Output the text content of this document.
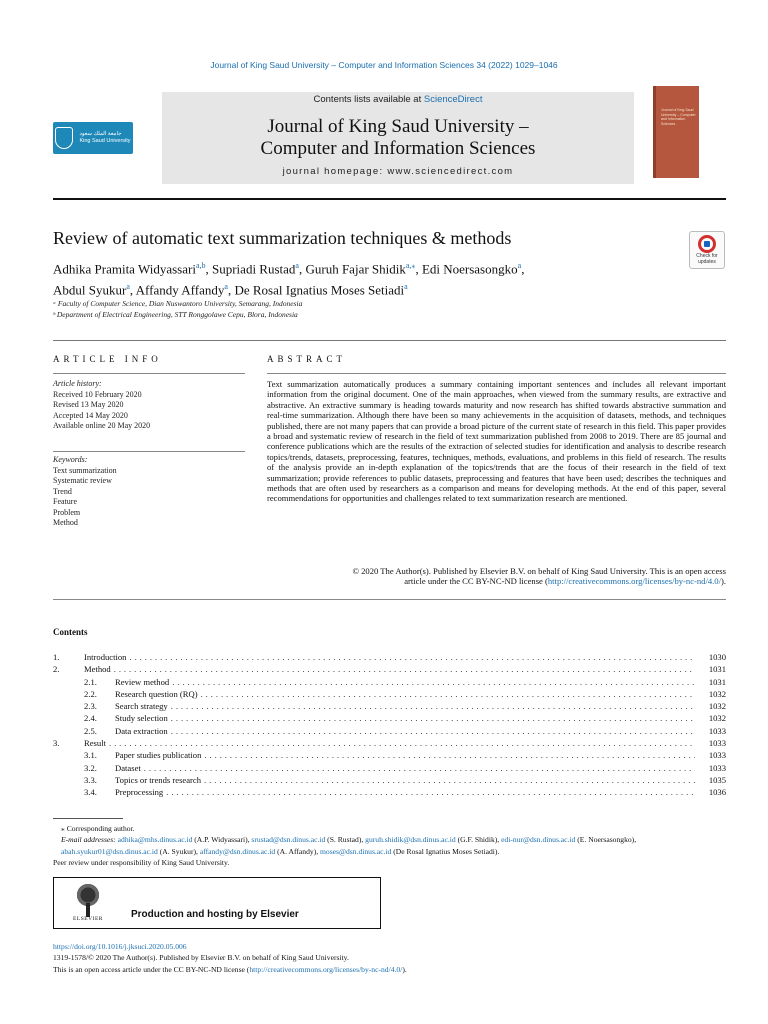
Journal of King Saud University – Computer and Information Sciences 34 (2022) 1029–1046
Contents lists available at ScienceDirect
Journal of King Saud University –
Computer and Information Sciences
journal homepage: www.sciencedirect.com
جامعة الملك سعود
King Saud University
Journal of King Saud University – Computer and Information Sciences
Review of automatic text summarization techniques & methods
Check for
updates
Adhika Pramita Widyassari$^{a,b}$, Supriadi Rustad$^a$, Guruh Fajar Shidik$^{a,⁎}$, Edi Noersasongko$^a$,
Abdul Syukur$^a$, Affandy Affandy$^a$, De Rosal Ignatius Moses Setiadi$^a$
ᵃ Faculty of Computer Science, Dian Nuswantoro University, Semarang, Indonesia
ᵇ Department of Electrical Engineering, STT Ronggolawe Cepu, Blora, Indonesia
ARTICLE INFO
Article history:
Received 10 February 2020
Revised 13 May 2020
Accepted 14 May 2020
Available online 20 May 2020
Keywords:
Text summarization
Systematic review
Trend
Feature
Problem
Method
ABSTRACT

Text summarization automatically produces a summary containing important sentences and includes all relevant important information from the original document. One of the main approaches, when viewed from the summary results, are extractive and abstractive. An extractive summary is heading towards maturity and now research has shifted towards abstractive summation and real-time summarization. Although there have been so many achievements in the acquisition of datasets, methods, and techniques published, there are not many papers that can provide a broad picture of the current state of research in this field. This paper provides a broad and systematic review of research in the field of text summarization published from 2008 to 2019. There are 85 journal and conference publications which are the results of the extraction of selected studies for identification and analysis to describe research topics/trends, datasets, preprocessing, features, techniques, methods, evaluations, and problems in this field of research. The results of the analysis provide an in-depth explanation of the topics/trends that are the focus of their research in the field of text summarization; provide references to public datasets, preprocessing and features that have been used; describes the techniques and methods that are often used by researchers as a comparison and means for developing methods. At the end of this paper, several recommendations for opportunities and challenges related to text summarization research are mentioned.

© 2020 The Author(s). Published by Elsevier B.V. on behalf of King Saud University. This is an open access
article under the CC BY-NC-ND license (http://creativecommons.org/licenses/by-nc-nd/4.0/).
Contents
1.	Introduction . . .	1030
2.	Method . . .	1031
2.1.	Review method . . .	1031
2.2.	Research question (RQ) . . .	1032
2.3.	Search strategy . . .	1032
2.4.	Study selection . . .	1032
2.5.	Data extraction . . .	1033
3.	Result . . .	1033
3.1.	Paper studies publication . . .	1033
3.2.	Dataset . . .	1033
3.3.	Topics or trends research . . .	1035
3.4.	Preprocessing . . .	1036
⁎ Corresponding author.
E-mail addresses: adhika@mhs.dinus.ac.id (A.P. Widyassari), srustad@dsn.dinus.ac.id (S. Rustad), guruh.shidik@dsn.dinus.ac.id (G.F. Shidik), edi-nur@dsn.dinus.ac.id (E. Noersasongko), abah.syukur01@dsn.dinus.ac.id (A. Syukur), affandy@dsn.dinus.ac.id (A. Affandy), moses@dsn.dinus.ac.id (De Rosal Ignatius Moses Setiadi).
Peer review under responsibility of King Saud University.
ELSEVIER	Production and hosting by Elsevier
https://doi.org/10.1016/j.jksuci.2020.05.006
1319-1578/© 2020 The Author(s). Published by Elsevier B.V. on behalf of King Saud University.
This is an open access article under the CC BY-NC-ND license (http://creativecommons.org/licenses/by-nc-nd/4.0/).
